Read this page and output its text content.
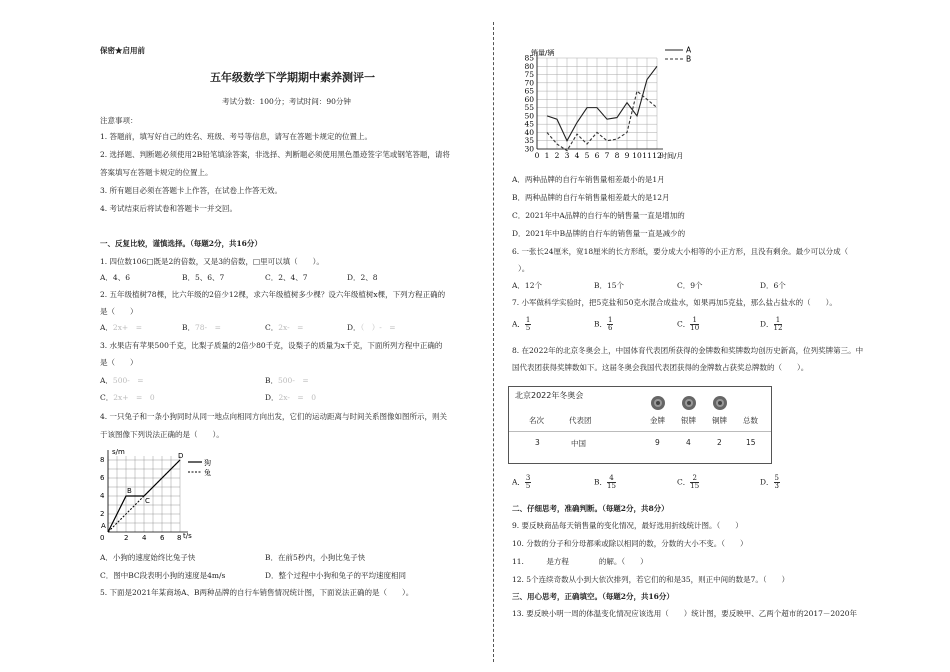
保密★启用前
五年级数学下学期期中素养测评一
考试分数：100分；考试时间：90分钟
注意事项：
1. 答题前，填写好自己的姓名、班级、考号等信息，请写在答题卡规定的位置上。
2. 选择题、判断题必须使用2B铅笔填涂答案，非选择、判断题必须使用黑色墨迹签字笔或钢笔答题，请将
答案填写在答题卡规定的位置上。
3. 所有题目必须在答题卡上作答，在试卷上作答无效。
4. 考试结束后将试卷和答题卡一并交回。
一、反复比较，谨慎选择。（每题2分，共16分）
1. 四位数106□既是2的倍数，又是3的倍数，□里可以填（　　）。
A．4、6	B．5、6、7	C．2、4、7	D．2、8
2. 五年级植树78棵，比六年级的2倍少12棵，求六年级植树多少棵？设六年级植树x棵，下列方程正确的
是（　　）
A．2x+　=	B．78-　=	C．2x-　=	D．（　）-　=
3. 水果店有苹果500千克，比梨子质量的2倍少80千克，设梨子的质量为x千克，下面所列方程中正确的
是（　　）
A．500-　=	B．500-　=
C．2x+　=　0	D．2x-　=　0
4. 一只兔子和一条小狗同时从同一地点向相同方向出发，它们的运动距离与时间关系图像如图所示，则关
于该图像下列说法正确的是（　　）。
s/m
t/s
8
6
4
2
0	2 4 6 8
A
B
C
D
狗
兔
A．小狗的速度始终比兔子快	B．在前5秒内，小狗比兔子快
C．图中BC段表明小狗的速度是4m/s	D．整个过程中小狗和兔子的平均速度相同
5. 下面是2021年某商场A、B两种品牌的自行车销售情况统计图，下面说法正确的是（　　）。
85
80
75
70
65
60
55
50
45
40
35
30
0 1 2 3 4 5 6 7 8 9 10 11 12
销量/辆
时间/月
A
B
A．两种品牌的自行车销售量相差最小的是1月
B．两种品牌的自行车销售量相差最大的是12月
C．2021年中A品牌的自行车的销售量一直是增加的
D．2021年中B品牌的自行车的销售量一直是减少的
6. 一张长24厘米，宽18厘米的长方形纸，要分成大小相等的小正方形，且没有剩余。最少可以分成（
）。
A．12个	B．15个	C．9个	D．6个
7. 小军做科学实验时，把5克盐和50克水混合成盐水，如果再加5克盐，那么盐占盐水的（　　）。
A． $\frac{1}{5}$	B． $\frac{1}{6}$	C． $\frac{1}{10}$	D． $\frac{1}{12}$
8. 在2022年的北京冬奥会上，中国体育代表团所获得的金牌数和奖牌数均创历史新高，位列奖牌第三。中
国代表团获得奖牌数如下。这届冬奥会我国代表团获得的金牌数占获奖总牌数的（　　）。
北京2022年冬奥会
名次	代表团	金牌 银牌 铜牌 总数
3	中国	9	4	2	15
A． $\frac{3}{5}$	B． $\frac{4}{15}$	C． $\frac{2}{15}$	D． $\frac{5}{3}$
二、仔细思考，准确判断。（每题2分，共8分）
9. 要反映商品每天销售量的变化情况，最好选用折线统计图。（　　）
10. 分数的分子和分母都乘或除以相同的数，分数的大小不变。（　　）
11.　　　是方程　　　　的解。（　　）
12. 5个连续奇数从小到大依次排列，若它们的和是35，则正中间的数是7。（　　）
三、用心思考，正确填空。（每题2分，共16分）
13. 要反映小明一周的体温变化情况应该选用（　　）统计图，要反映甲、乙两个超市的2017－2020年
